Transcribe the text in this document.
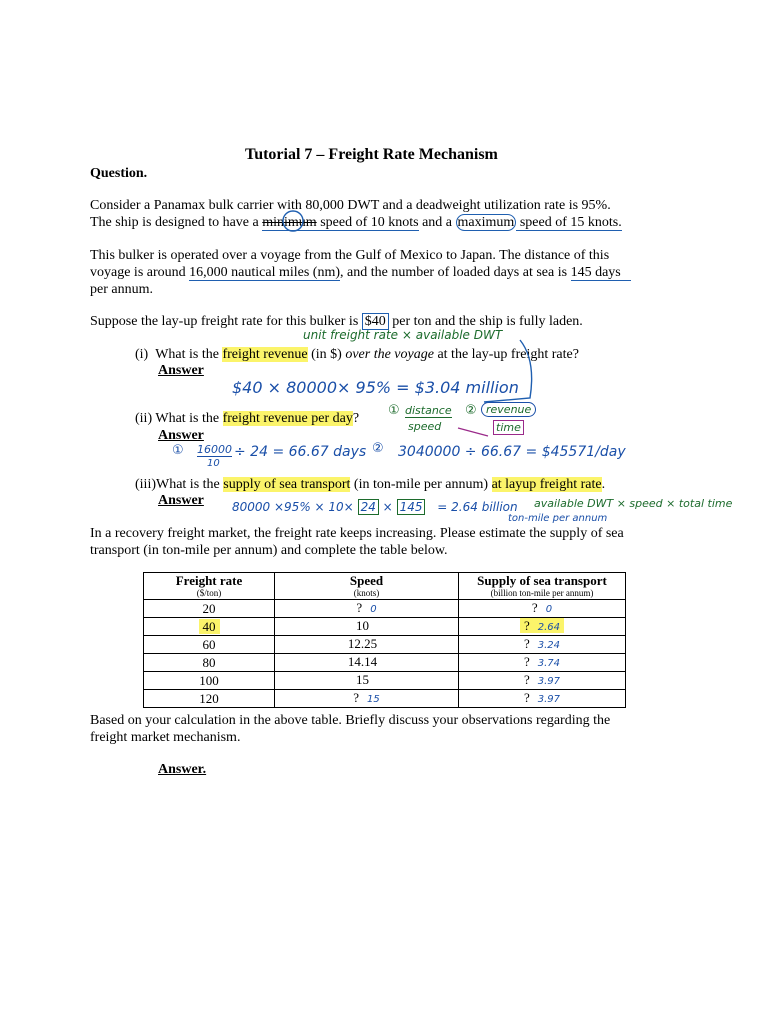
Tutorial 7 – Freight Rate Mechanism
Question.
Consider a Panamax bulk carrier with 80,000 DWT and a deadweight utilization rate is 95%.
The ship is designed to have a minimum speed of 10 knots and a maximum speed of 15 knots.
This bulker is operated over a voyage from the Gulf of Mexico to Japan. The distance of this
voyage is around 16,000 nautical miles (nm), and the number of loaded days at sea is 145 days
per annum.
Suppose the lay-up freight rate for this bulker is $40 per ton and the ship is fully laden.
unit freight rate × available DWT
(i) What is the freight revenue (in $) over the voyage at the lay-up freight rate?
Answer
$40 × 80000× 95% = $3.04 million
(ii) What is the freight revenue per day?
Answer
① distance
speed
② revenue
time
① 16000
10
÷ 24 = 66.67 days ② 3040000 ÷ 66.67 = $45571/day
(iii)What is the supply of sea transport (in ton-mile per annum) at layup freight rate.
Answer 80000 ×95% × 10× 24 × 145 = 2.64 billion available DWT × speed × total time
ton-mile per annum
In a recovery freight market, the freight rate keeps increasing. Please estimate the supply of sea
transport (in ton-mile per annum) and complete the table below.
Freight rate
($/ton)	Speed
(knots)	Supply of sea transport
(billion ton-mile per annum)

20	? 0	? 0
40	10	? 2.64
60	12.25	? 3.24
80	14.14	? 3.74
100	15	? 3.97
120	? 15	? 3.97
Based on your calculation in the above table. Briefly discuss your observations regarding the
freight market mechanism.
Answer.
